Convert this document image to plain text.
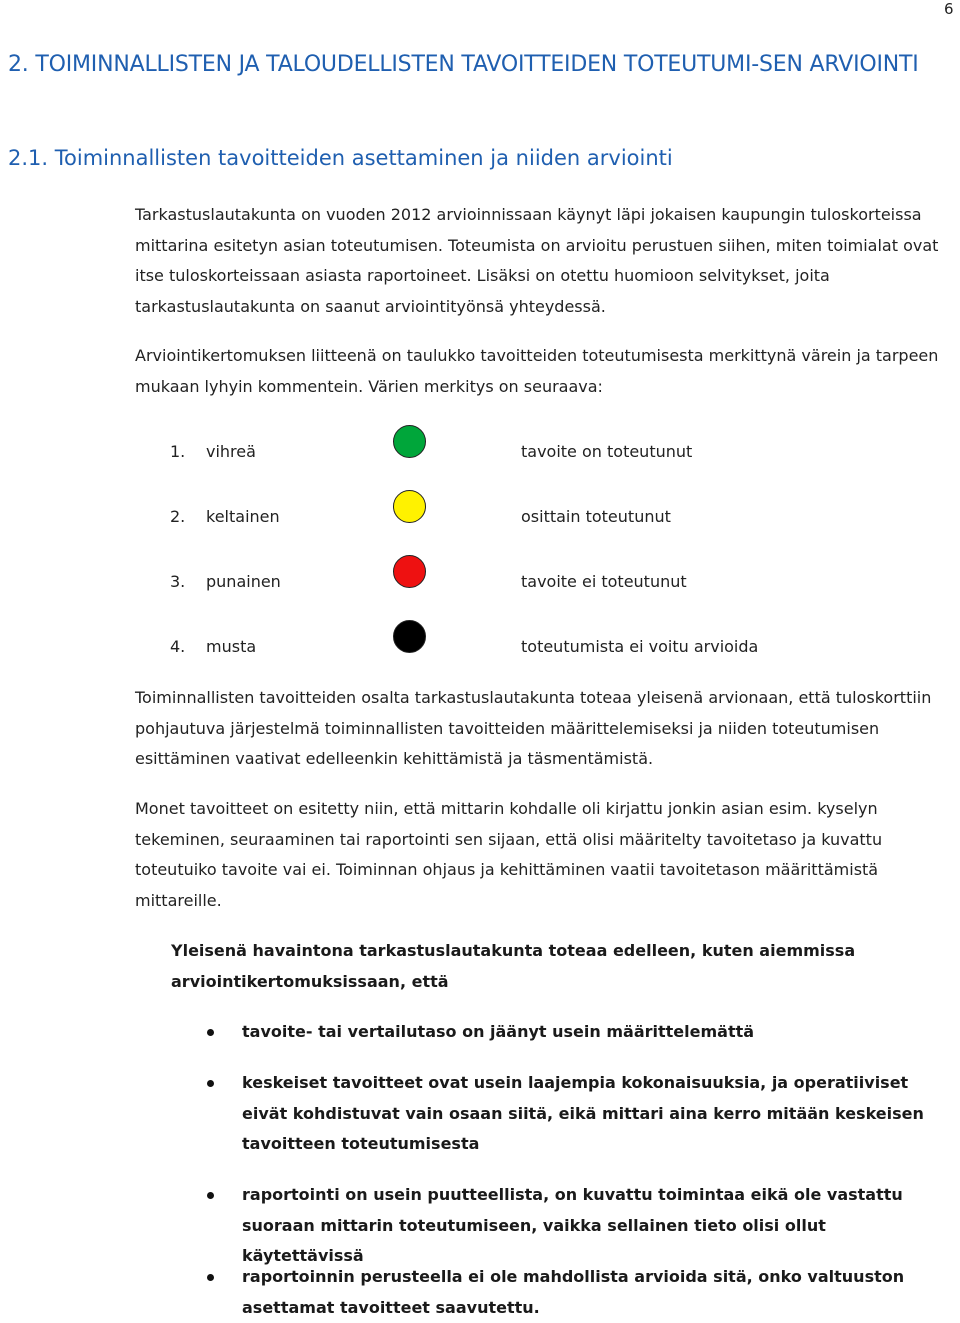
6
2. TOIMINNALLISTEN JA TALOUDELLISTEN TAVOITTEIDEN TOTEUTUMI-SEN ARVIOINTI
2.1. Toiminnallisten tavoitteiden asettaminen ja niiden arviointi

Tarkastuslautakunta on vuoden 2012 arvioinnissaan käynyt läpi jokaisen kaupungin tuloskorteissa mittarina esitetyn asian toteutumisen. Toteumista on arvioitu perustuen siihen, miten toimialat ovat itse tuloskorteissaan asiasta raportoineet. Lisäksi on otettu huomioon selvitykset, joita tarkastuslautakunta on saanut arviointityönsä yhteydessä.

Arviointikertomuksen liitteenä on taulukko tavoitteiden toteutumisesta merkittynä värein ja tarpeen mukaan lyhyin kommentein. Värien merkitys on seuraava:

1. vihreä	tavoite on toteutunut
2. keltainen	osittain toteutunut
3. punainen	tavoite ei toteutunut
4. musta	toteutumista ei voitu arvioida

Toiminnallisten tavoitteiden osalta tarkastuslautakunta toteaa yleisenä arvionaan, että tuloskorttiin pohjautuva järjestelmä toiminnallisten tavoitteiden määrittelemiseksi ja niiden toteutumisen esittäminen vaativat edelleenkin kehittämistä ja täsmentämistä.

Monet tavoitteet on esitetty niin, että mittarin kohdalle oli kirjattu jonkin asian esim. kyselyn tekeminen, seuraaminen tai raportointi sen sijaan, että olisi määritelty tavoitetaso ja kuvattu toteutuiko tavoite vai ei. Toiminnan ohjaus ja kehittäminen vaatii tavoitetason määrittämistä mittareille.

Yleisenä havaintona tarkastuslautakunta toteaa edelleen, kuten aiemmissa arviointikertomuksissaan, että

tavoite- tai vertailutaso on jäänyt usein määrittelemättä

keskeiset tavoitteet ovat usein laajempia kokonaisuuksia, ja operatiiviset eivät kohdistuvat vain osaan siitä, eikä mittari aina kerro mitään keskeisen tavoitteen toteutumisesta

raportointi on usein puutteellista, on kuvattu toimintaa eikä ole vastattu suoraan mittarin toteutumiseen, vaikka sellainen tieto olisi ollut käytettävissä

raportoinnin perusteella ei ole mahdollista arvioida sitä, onko valtuuston asettamat tavoitteet saavutettu.
